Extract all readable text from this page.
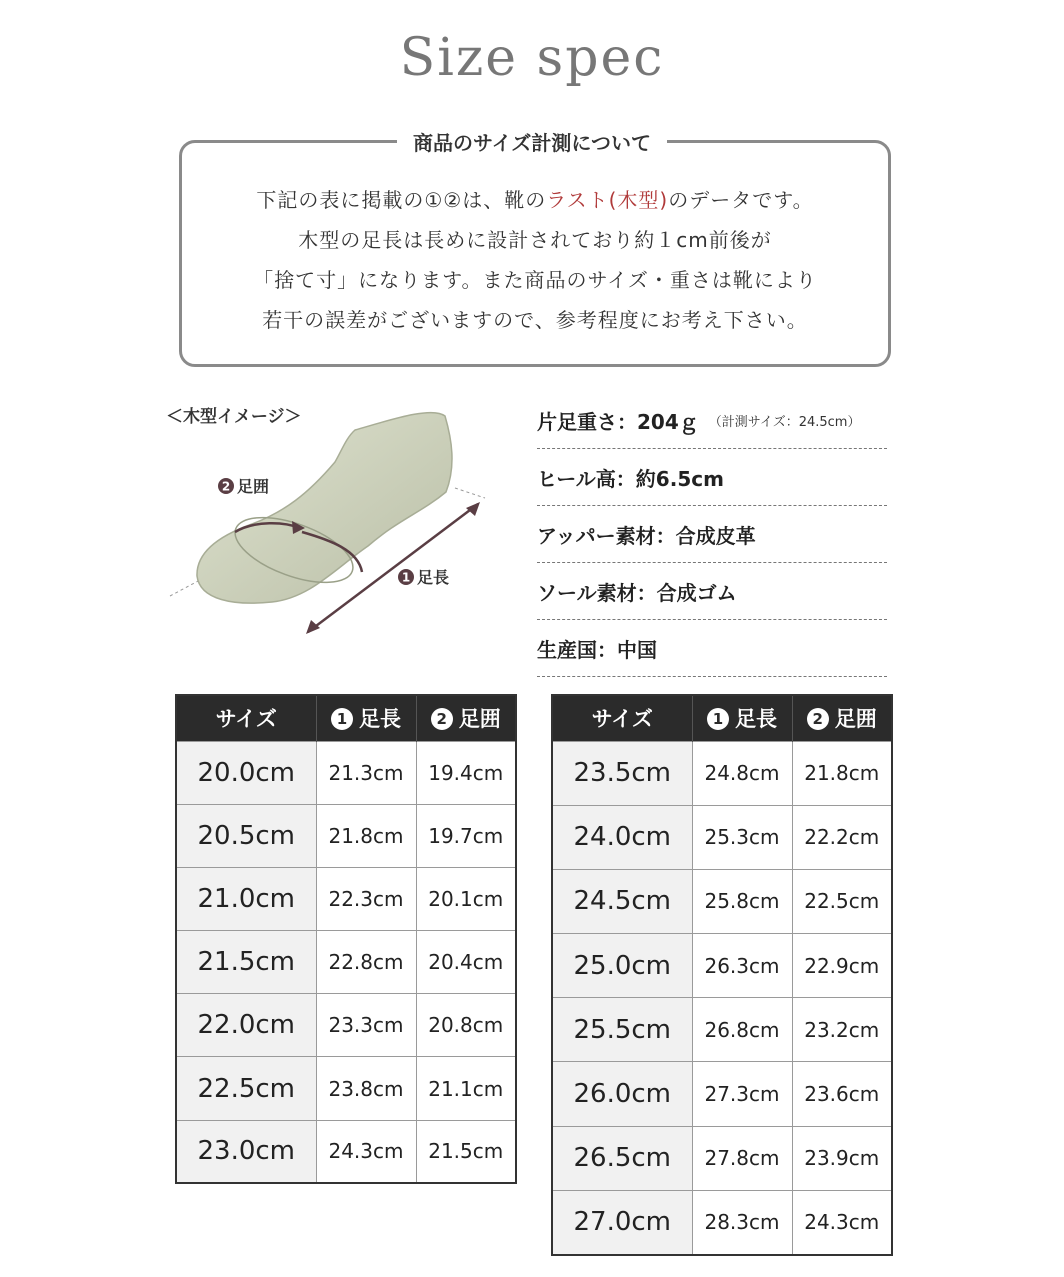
Size spec
商品のサイズ計測について

下記の表に掲載の①②は、靴のラスト(木型)のデータです。

木型の足長は長めに設計されており約１cm前後が

「捨て寸」になります。また商品のサイズ・重さは靴により

若干の誤差がございますので、参考程度にお考え下さい。

＜木型イメージ＞
2 足囲
1 足長
片足重さ：204ｇ （計測サイズ：24.5cm）
ヒール高：約6.5cm
アッパー素材：合成皮革
ソール素材：合成ゴム
生産国：中国
サイズ	1 足長	2 足囲
20.0cm	21.3cm	19.4cm
20.5cm	21.8cm	19.7cm
21.0cm	22.3cm	20.1cm
21.5cm	22.8cm	20.4cm
22.0cm	23.3cm	20.8cm
22.5cm	23.8cm	21.1cm
23.0cm	24.3cm	21.5cm
サイズ	1 足長	2 足囲
23.5cm	24.8cm	21.8cm
24.0cm	25.3cm	22.2cm
24.5cm	25.8cm	22.5cm
25.0cm	26.3cm	22.9cm
25.5cm	26.8cm	23.2cm
26.0cm	27.3cm	23.6cm
26.5cm	27.8cm	23.9cm
27.0cm	28.3cm	24.3cm
